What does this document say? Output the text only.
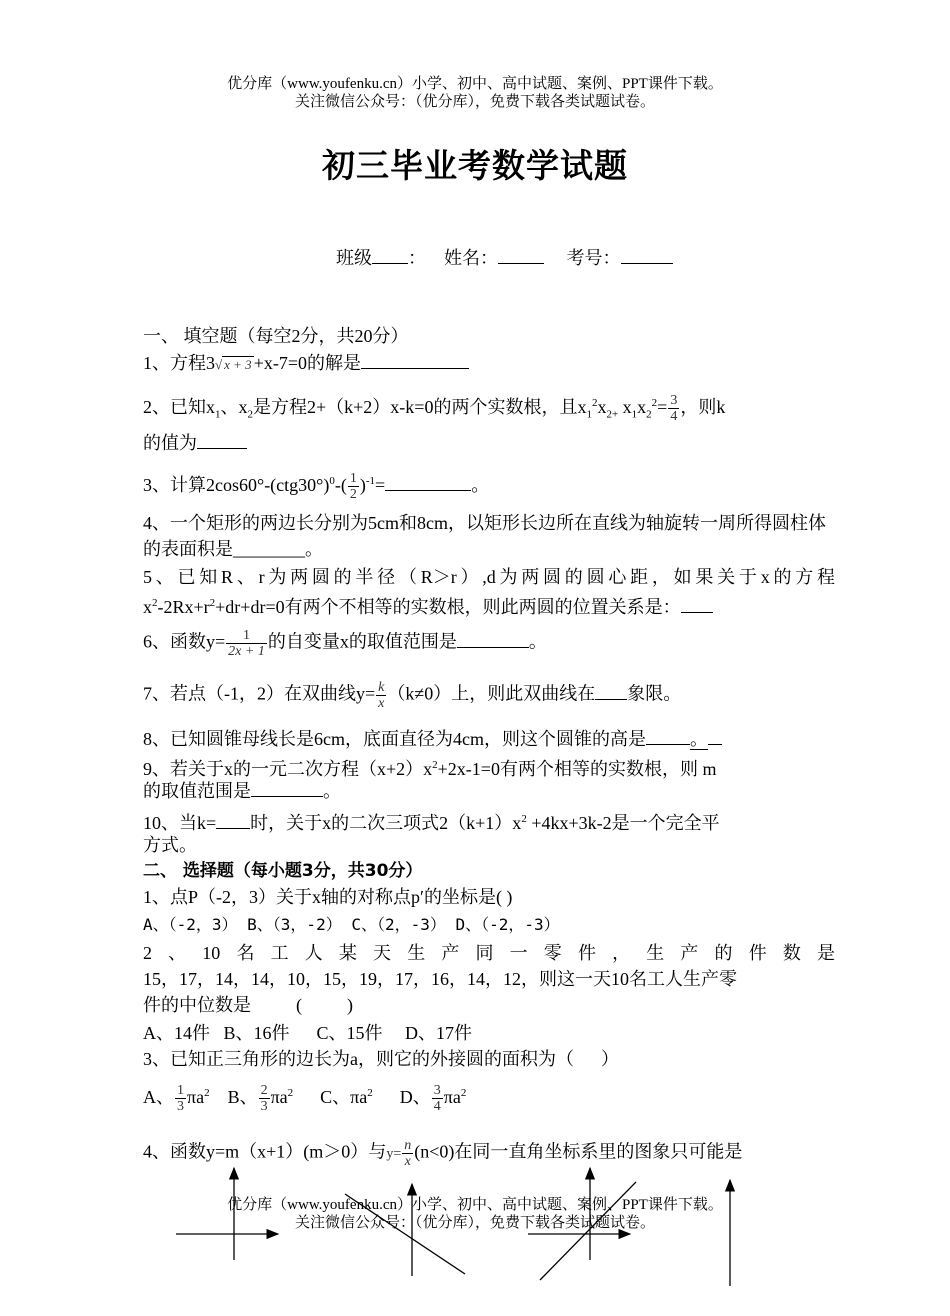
优分库（www.youfenku.cn）小学、初中、高中试题、案例、PPT课件下载。
关注微信公众号：（优分库），免费下载各类试题试卷。
初三毕业考数学试题
班级 ： 姓名：	考号：
一、 填空题（每空2分，共20分）
1、方程3√ x + 3 +x-7=0的解是
2、已知$x_1$、$x_2$是方程2+（k+2）x-k=0的两个实数根，且$x_1^2x_{2+}$ $x_1x_2^2= \frac{3}{4}$ ，则k
的值为
3、计算$2\cos 60^\circ-(ctg30^\circ)^0-( \frac{1}{2} )^{-1}=$	。
4、一个矩形的两边长分别为5cm和8cm，以矩形长边所在直线为轴旋转一周所得圆柱体的表面积是________。
5、已知R、r为两圆的半径（R＞r）,d为两圆的圆心距，如果关于x的方程
$x^2-2Rx+r^2+dr+dr=0$有两个不相等的实数根，则此两圆的位置关系是：
6、函数$y= \frac{1}{2x + 1}$ 的自变量x的取值范围是	。
7、若点（-1，2）在双曲线$y= \frac{k}{x} (k\ne 0)$上，则此双曲线在 象限。
8、已知圆锥母线长是6cm，底面直径为4cm，则这个圆锥的高是 。
9、若关于x的一元二次方程$(x+2)x^2+2x-1=0$有两个相等的实数根，则 m
的取值范围是	。
10、当k= 时，关于x的二次三项式$2(k+1)x^2 +4kx+3k-2$是一个完全平
方式。
二、 选择题（每小题3分，共30分）
1、点P（-2，3）关于x轴的对称点p′的坐标是( )
A、（-2，3） B、（3，-2） C、（2，-3） D、（-2，-3）
2、10名工人某天生产同一零件，生产的件数是
15，17，14，14，10，15，19，17，16，14，12，则这一天10名工人生产零
件的中位数是          (          )
A、14件   B、16件      C、15件     D、17件
3、已知正三角形的边长为a，则它的外接圆的面积为（      ）
A、 $\frac{1}{3} \pi a^2$ B、 $\frac{2}{3} \pi a^2$ C、$\pi a^2$ D、 $\frac{3}{4} \pi a^2$
4、函数y=m（x+1）(m＞0）与$y= \frac{n}{x} (n<0)$在同一直角坐标系里的图象只可能是
优分库（www.youfenku.cn）小学、初中、高中试题、案例、PPT课件下载。
关注微信公众号：（优分库），免费下载各类试题试卷。
